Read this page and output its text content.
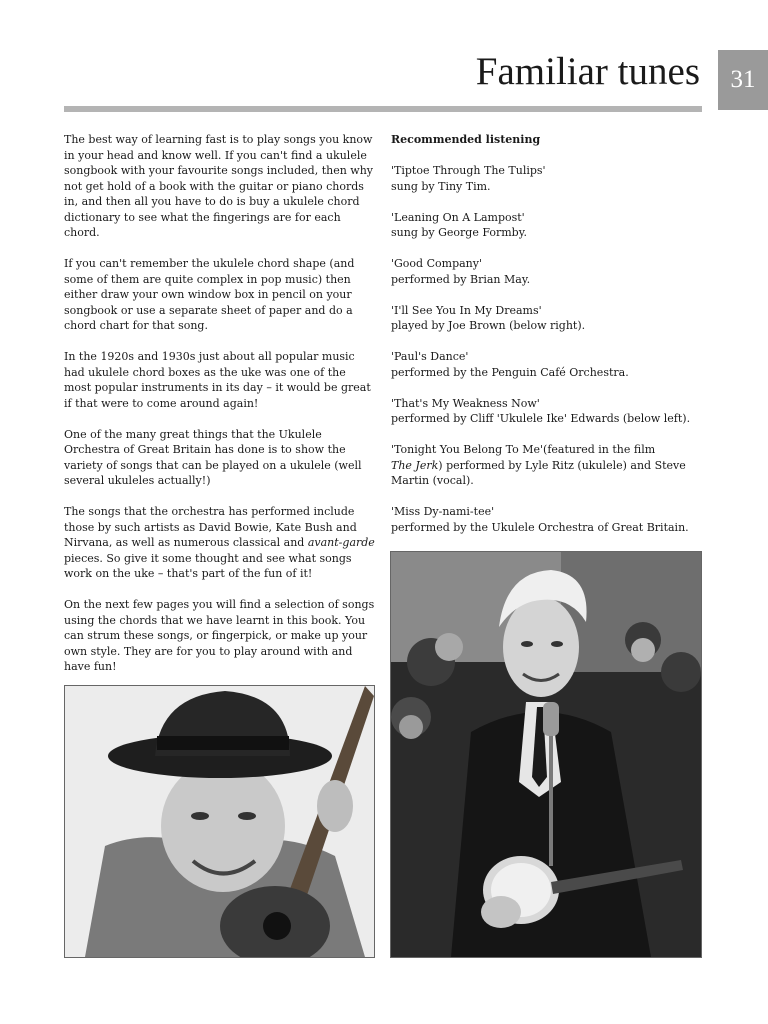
Familiar tunes	31

The best way of learning fast is to play songs you know in your head and know well. If you can't find a ukulele songbook with your favourite songs included, then why not get hold of a book with the guitar or piano chords in, and then all you have to do is buy a ukulele chord dictionary to see what the fingerings are for each chord.

If you can't remember the ukulele chord shape (and some of them are quite complex in pop music) then either draw your own window box in pencil on your songbook or use a separate sheet of paper and do a chord chart for that song.

In the 1920s and 1930s just about all popular music had ukulele chord boxes as the uke was one of the most popular instruments in its day – it would be great if that were to come around again!

One of the many great things that the Ukulele Orchestra of Great Britain has done is to show the variety of songs that can be played on a ukulele (well several ukuleles actually!)

The songs that the orchestra has performed include those by such artists as David Bowie, Kate Bush and Nirvana, as well as numerous classical and avant-garde pieces. So give it some thought and see what songs work on the uke – that's part of the fun of it!

On the next few pages you will find a selection of songs using the chords that we have learnt in this book. You can strum these songs, or fingerpick, or make up your own style. They are for you to play around with and have fun!

Recommended listening
'Tiptoe Through The Tulips'
sung by Tiny Tim.
'Leaning On A Lampost'
sung by George Formby.
'Good Company'
performed by Brian May.
'I'll See You In My Dreams'
played by Joe Brown (below right).
'Paul's Dance'
performed by the Penguin Café Orchestra.
'That's My Weakness Now'
performed by Cliff 'Ukulele Ike' Edwards (below left).
'Tonight You Belong To Me'(featured in the film
The Jerk) performed by Lyle Ritz (ukulele) and Steve Martin (vocal).
'Miss Dy-nami-tee'
performed by the Ukulele Orchestra of Great Britain.
